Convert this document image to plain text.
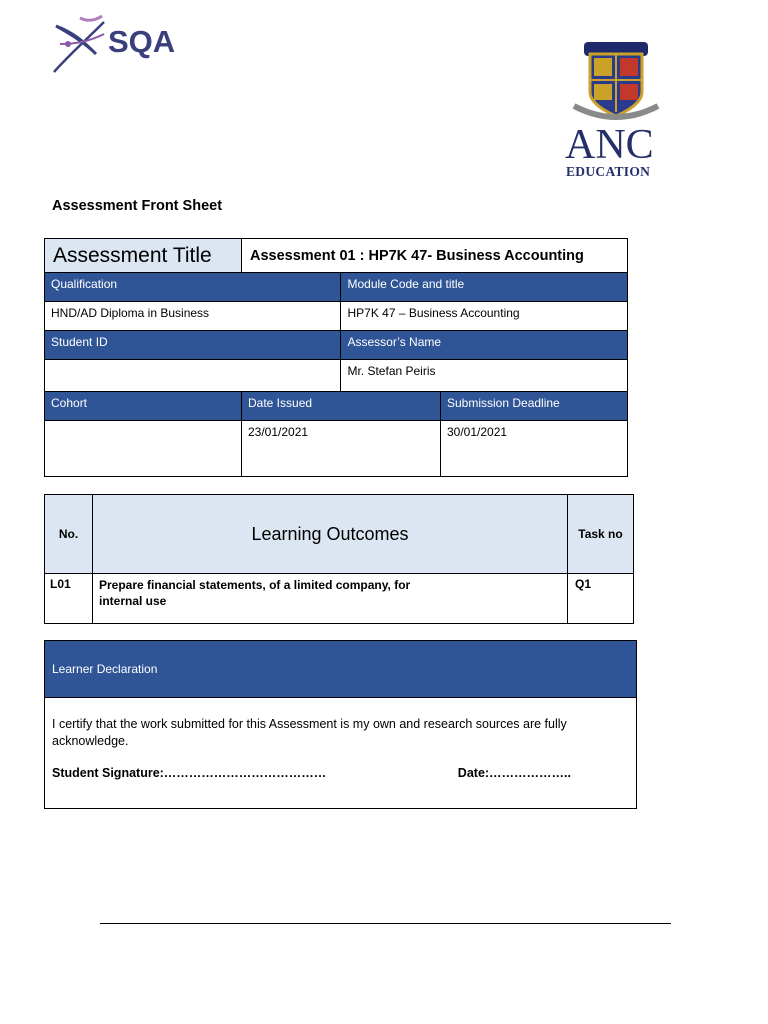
SQA
ANC
EDUCATION
Assessment Front Sheet
Assessment Title	Assessment 01 : HP7K 47- Business Accounting		

Qualification		Module Code and title	

HND/AD Diploma in Business		HP7K 47 – Business Accounting	

Student ID		Assessor’s Name	

		Mr. Stefan Peiris	

Cohort	Date Issued		Submission Deadline

	23/01/2021		30/01/2021
No.	Learning Outcomes	Task no
L01	Prepare financial statements, of a limited company, for internal use	Q1
Learner Declaration

I certify that the work submitted for this Assessment is my own and research sources are fully acknowledge.
Student Signature:…………………………………	Date:………………..
